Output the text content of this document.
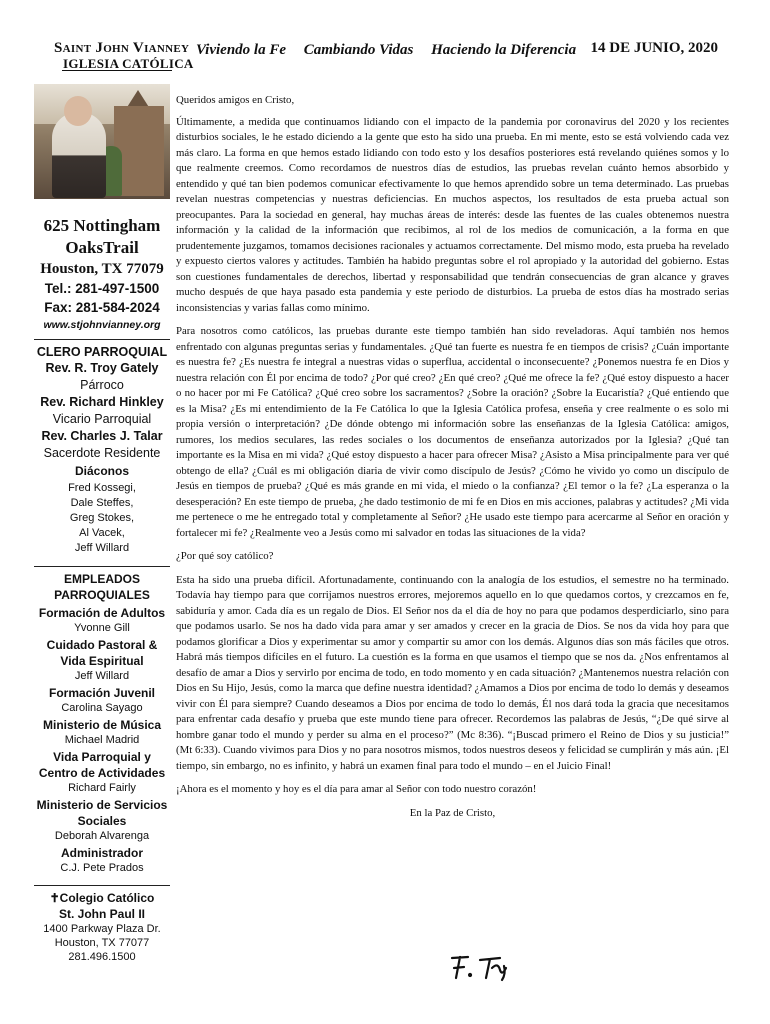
Saint John Vianney
IGLESIA CATÓLICA
Viviendo la Fe Cambiando Vidas Haciendo la Diferencia 14 DE JUNIO, 2020
625 Nottingham
OaksTrail
Houston, TX 77079
Tel.: 281-497-1500
Fax: 281-584-2024
www.stjohnvianney.org
CLERO PARROQUIAL
Rev. R. Troy Gately
Párroco
Rev. Richard Hinkley
Vicario Parroquial
Rev. Charles J. Talar
Sacerdote Residente
Diáconos
Fred Kossegi,
Dale Steffes,
Greg Stokes,
Al Vacek,
Jeff Willard
EMPLEADOS
PARROQUIALES
Formación de Adultos
Yvonne Gill
Cuidado Pastoral & Vida Espiritual
Jeff Willard
Formación Juvenil
Carolina Sayago
Ministerio de Música
Michael Madrid
Vida Parroquial y Centro de Actividades
Richard Fairly
Ministerio de Servicios Sociales
Deborah Alvarenga
Administrador
C.J. Pete Prados
✝Colegio Católico
St. John Paul II
1400 Parkway Plaza Dr.
Houston, TX 77077
281.496.1500

Queridos amigos en Cristo,

Últimamente, a medida que continuamos lidiando con el impacto de la pandemia por coronavirus del 2020 y los recientes disturbios sociales, le he estado diciendo a la gente que esto ha sido una prueba. En mi mente, esto se está volviendo cada vez más claro. La forma en que hemos estado lidiando con todo esto y los desafíos posteriores está revelando quiénes somos y lo que realmente creemos. Como recordamos de nuestros días de estudios, las pruebas revelan cuánto hemos absorbido y entendido y qué tan bien podemos comunicar efectivamente lo que hemos aprendido sobre un tema determinado. Las pruebas revelan nuestras competencias y nuestras deficiencias. En muchos aspectos, los resultados de esta prueba actual son preocupantes. Para la sociedad en general, hay muchas áreas de interés: desde las fuentes de las cuales obtenemos nuestra información y la calidad de la información que recibimos, al rol de los medios de comunicación, a la forma en que prudentemente juzgamos, tomamos decisiones racionales y actuamos correctamente. Del mismo modo, esta prueba ha revelado y expuesto ciertos valores y actitudes. También ha habido preguntas sobre el rol apropiado y la autoridad del gobierno. Estas son cuestiones fundamentales de derechos, libertad y responsabilidad que tendrán consecuencias de gran alcance y graves mucho después de que haya pasado esta pandemia y este periodo de disturbios. La prueba de estos días ha mostrado serias inconsistencias y varias fallas como mínimo.

Para nosotros como católicos, las pruebas durante este tiempo también han sido reveladoras. Aquí también nos hemos enfrentado con algunas preguntas serias y fundamentales. ¿Qué tan fuerte es nuestra fe en tiempos de crisis? ¿Cuán importante es nuestra fe? ¿Es nuestra fe integral a nuestras vidas o superflua, accidental o inconsecuente? ¿Ponemos nuestra fe en Dios y nuestra relación con Él por encima de todo? ¿Por qué creo? ¿En qué creo? ¿Qué me ofrece la fe? ¿Qué estoy dispuesto a hacer o no hacer por mi Fe Católica? ¿Qué creo sobre los sacramentos? ¿Sobre la oración? ¿Sobre la Eucaristía? ¿Qué entiendo que es la Misa? ¿Es mi entendimiento de la Fe Católica lo que la Iglesia Católica profesa, enseña y cree realmente o es solo mi propia versión o interpretación? ¿De dónde obtengo mi información sobre las enseñanzas de la Iglesia Católica: amigos, rumores, los medios seculares, las redes sociales o los documentos de enseñanza autorizados por la Iglesia? ¿Qué tan importante es la Misa en mi vida? ¿Qué estoy dispuesto a hacer para ofrecer Misa? ¿Asisto a Misa principalmente para ver qué obtengo de ella? ¿Cuál es mi obligación diaria de vivir como discípulo de Jesús? ¿Cómo he vivido yo como un discípulo de Jesús en tiempos de prueba? ¿Qué es más grande en mi vida, el miedo o la confianza? ¿El temor o la fe? ¿La esperanza o la desesperación? En este tiempo de prueba, ¿he dado testimonio de mi fe en Dios en mis acciones, palabras y actitudes? ¿Mi vida me pertenece o me he entregado total y completamente al Señor? ¿He usado este tiempo para acercarme al Señor en oración y fortalecer mi fe? ¿Realmente veo a Jesús como mi salvador en todas las situaciones de la vida?

¿Por qué soy católico?

Esta ha sido una prueba difícil. Afortunadamente, continuando con la analogía de los estudios, el semestre no ha terminado. Todavía hay tiempo para que corrijamos nuestros errores, mejoremos aquello en lo que quedamos cortos, y crezcamos en fe, sabiduría y amor. Cada día es un regalo de Dios. El Señor nos da el día de hoy no para que podamos desperdiciarlo, sino para que podamos usarlo. Se nos ha dado vida para amar y ser amados y crecer en la gracia de Dios. Se nos da vida hoy para que podamos glorificar a Dios y experimentar su amor y compartir su amor con los demás. Algunos días son más fáciles que otros. Habrá más tiempos difíciles en el futuro. La cuestión es la forma en que usamos el tiempo que se nos da. ¿Nos enfrentamos al desafío de amar a Dios y servirlo por encima de todo, en todo momento y en cada situación? ¿Mantenemos nuestra relación con Dios en Su Hijo, Jesús, como la marca que define nuestra identidad? ¿Amamos a Dios por encima de todo lo demás y deseamos vivir con Él para siempre? Cuando deseamos a Dios por encima de todo lo demás, Él nos dará toda la gracia que necesitamos para enfrentar cada desafío y prueba que este mundo tiene para ofrecer. Recordemos las palabras de Jesús, “¿De qué sirve al hombre ganar todo el mundo y perder su alma en el proceso?” (Mc 8:36). “¡Buscad primero el Reino de Dios y su justicia!” (Mt 6:33). Cuando vivimos para Dios y no para nosotros mismos, todos nuestros deseos y felicidad se cumplirán y más aún. ¡El tiempo, sin embargo, no es infinito, y habrá un examen final para todo el mundo – en el Juicio Final!

¡Ahora es el momento y hoy es el día para amar al Señor con todo nuestro corazón!

En la Paz de Cristo,
